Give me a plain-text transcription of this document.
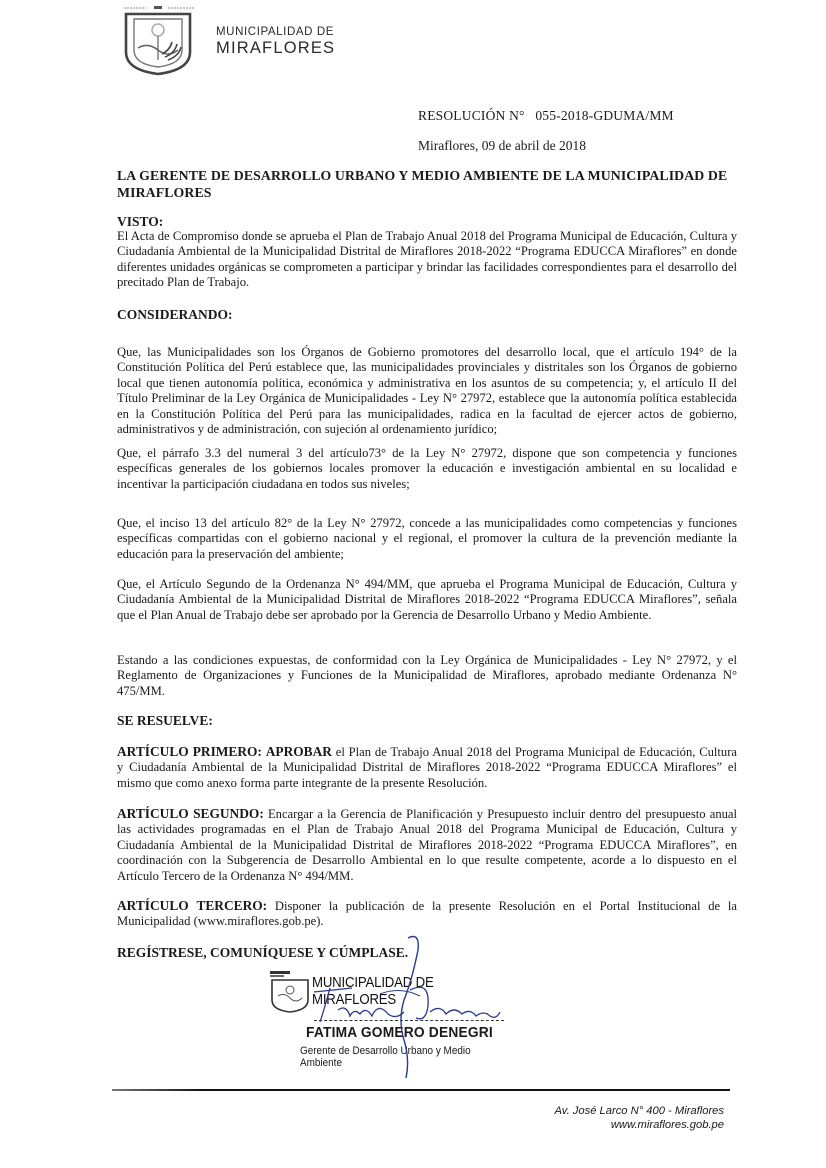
MUNICIPALIDAD DE
MIRAFLORES
RESOLUCIÓN N°   055-2018-GDUMA/MM
Miraflores, 09 de abril de 2018
LA GERENTE DE DESARROLLO URBANO Y MEDIO AMBIENTE DE LA MUNICIPALIDAD DE MIRAFLORES
VISTO:
El Acta de Compromiso donde se aprueba el Plan de Trabajo Anual 2018 del Programa Municipal de Educación, Cultura y Ciudadanía Ambiental de la Municipalidad Distrital de Miraflores 2018-2022 “Programa EDUCCA Miraflores” en donde diferentes unidades orgánicas se comprometen a participar y brindar las facilidades correspondientes para el desarrollo del precitado Plan de Trabajo.
CONSIDERANDO:
Que, las Municipalidades son los Órganos de Gobierno promotores del desarrollo local, que el artículo 194° de la Constitución Política del Perú establece que, las municipalidades provinciales y distritales son los Órganos de gobierno local que tienen autonomía política, económica y administrativa en los asuntos de su competencia; y, el artículo II del Título Preliminar de la Ley Orgánica de Municipalidades - Ley N° 27972, establece que la autonomía política establecida en la Constitución Política del Perú para las municipalidades, radica en la facultad de ejercer actos de gobierno, administrativos y de administración, con sujeción al ordenamiento jurídico;
Que, el párrafo 3.3 del numeral 3 del artículo73° de la Ley N° 27972, dispone que son competencia y funciones específicas generales de los gobiernos locales promover la educación e investigación ambiental en su localidad e incentivar la participación ciudadana en todos sus niveles;
Que, el inciso 13 del artículo 82° de la Ley N° 27972, concede a las municipalidades como competencias y funciones específicas compartidas con el gobierno nacional y el regional, el promover la cultura de la prevención mediante la educación para la preservación del ambiente;
Que, el Artículo Segundo de la Ordenanza N° 494/MM, que aprueba el Programa Municipal de Educación, Cultura y Ciudadanía Ambiental de la Municipalidad Distrital de Miraflores 2018-2022 “Programa EDUCCA Miraflores”, señala que el Plan Anual de Trabajo debe ser aprobado por la Gerencia de Desarrollo Urbano y Medio Ambiente.
Estando a las condiciones expuestas, de conformidad con la Ley Orgánica de Municipalidades - Ley N° 27972, y el Reglamento de Organizaciones y Funciones de la Municipalidad de Miraflores, aprobado mediante Ordenanza N° 475/MM.
SE RESUELVE:
ARTÍCULO PRIMERO: APROBAR el Plan de Trabajo Anual 2018 del Programa Municipal de Educación, Cultura y Ciudadanía Ambiental de la Municipalidad Distrital de Miraflores 2018-2022 “Programa EDUCCA Miraflores” el mismo que como anexo forma parte integrante de la presente Resolución.
ARTÍCULO SEGUNDO: Encargar a la Gerencia de Planificación y Presupuesto incluir dentro del presupuesto anual las actividades programadas en el Plan de Trabajo Anual 2018 del Programa Municipal de Educación, Cultura y Ciudadanía Ambiental de la Municipalidad Distrital de Miraflores 2018-2022 “Programa EDUCCA Miraflores”, en coordinación con la Subgerencia de Desarrollo Ambiental en lo que resulte competente, acorde a lo dispuesto en el Artículo Tercero de la Ordenanza N° 494/MM.
ARTÍCULO TERCERO: Disponer la publicación de la presente Resolución en el Portal Institucional de la Municipalidad (www.miraflores.gob.pe).
REGÍSTRESE, COMUNÍQUESE Y CÚMPLASE.
MUNICIPALIDAD DE MIRAFLORES
FATIMA GOMERO DENEGRI
Gerente de Desarrollo Urbano y Medio Ambiente
Av. José Larco N° 400 - Miraflores
www.miraflores.gob.pe
